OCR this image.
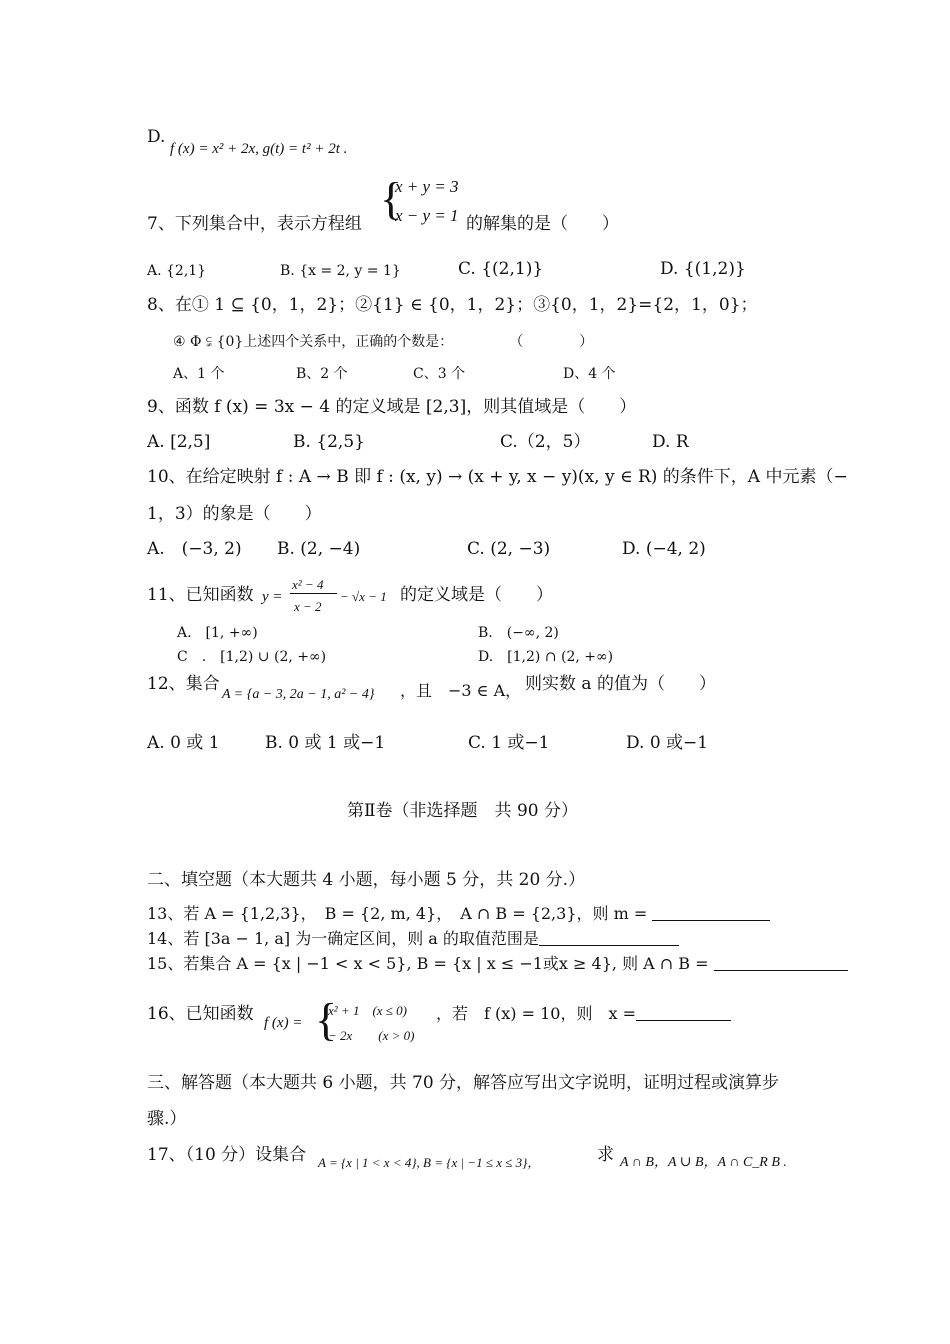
D.
f (x) = x² + 2x, g(t) = t² + 2t .
{
x + y = 3
x − y = 1
7、下列集合中，表示方程组	的解集的是（　　）
A. {2,1}	B. {x = 2, y = 1}	C. {(2,1)}	D. {(1,2)}
8、在① 1 ⊆ {0，1，2}；②{1} ∈ {0，1，2}；③{0，1，2}={2，1，0}；
④ Φ ⫋ {0}上述四个关系中，正确的个数是：　　　　　（　　　　）
A、1 个	B、2 个	C、3 个	D、4 个
9、函数 f (x) = 3x − 4 的定义域是 [2,3]，则其值域是（　　）
A. [2,5]	B. {2,5}	C.（2，5）	D. R
10、在给定映射 f : A → B 即 f : (x, y) → (x + y, x − y)(x, y ∈ R) 的条件下，A 中元素（−
1，3）的象是（　　）
A.　(−3, 2) B. (2, −4)	C. (2, −3)	D. (−4, 2)
11、已知函数 y =
x² − 4
x − 2
− √x − 1 的定义域是（　　）
A.　[1, +∞)	B.　(−∞, 2)
C　.　[1,2) ∪ (2, +∞)	D.　[1,2) ∩ (2, +∞)
12、集合
A = {a − 3, 2a − 1, a² − 4} ，且　−3 ∈ A， 则实数 a 的值为（　　）
A. 0 或 1	B. 0 或 1 或−1	C. 1 或−1	D. 0 或−1
第Ⅱ卷（非选择题　共 90 分）
二、填空题（本大题共 4 小题，每小题 5 分，共 20 分.）
13、若 A = {1,2,3}，　B = {2, m, 4}，　A ∩ B = {2,3}，则 m =
14、若 [3a − 1, a] 为一确定区间，则 a 的取值范围是
15、若集合 A = {x | −1 < x < 5}, B = {x | x ≤ −1或x ≥ 4}, 则 A ∩ B =
16、已知函数 f (x) = {
x² + 1　(x ≤ 0)
− 2x　　(x > 0)
，若　f (x) = 10，则　x =
三、解答题（本大题共 6 小题，共 70 分，解答应写出文字说明，证明过程或演算步
骤.）
17、（10 分）设集合 A = {x | 1 < x < 4}, B = {x | −1 ≤ x ≤ 3}，	求 A ∩ B，A ∪ B，A ∩ C_R B .
